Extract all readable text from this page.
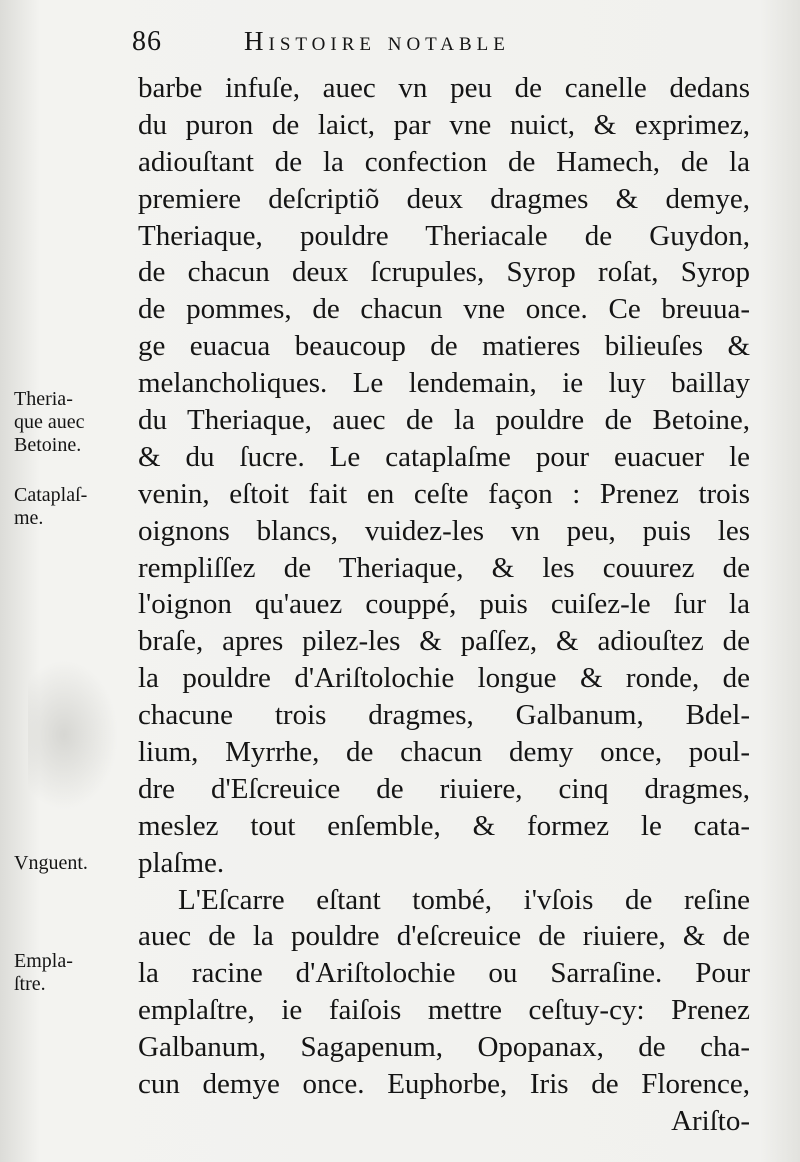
86	Histoire notable
barbe infuſe, auec vn peu de canelle dedans
du puron de laict, par vne nuict, & exprimez,
adiouſtant de la confection de Hamech, de la
premiere deſcriptiõ deux dragmes & demye,
Theriaque, pouldre Theriacale de Guydon,
de chacun deux ſcrupules, Syrop roſat, Syrop
de pommes, de chacun vne once. Ce breuua-
ge euacua beaucoup de matieres bilieuſes &
melancholiques. Le lendemain, ie luy baillay
du Theriaque, auec de la pouldre de Betoine,
& du ſucre. Le cataplaſme pour euacuer le
venin, eſtoit fait en ceſte façon : Prenez trois
oignons blancs, vuidez-les vn peu, puis les
rempliſſez de Theriaque, & les couurez de
l'oignon qu'auez couppé, puis cuiſez-le ſur la
braſe, apres pilez-les & paſſez, & adiouſtez de
la pouldre d'Ariſtolochie longue & ronde, de
chacune trois dragmes, Galbanum, Bdel-
lium, Myrrhe, de chacun demy once, poul-
dre d'Eſcreuice de riuiere, cinq dragmes,
meslez tout enſemble, & formez le cata-
plaſme.
L'Eſcarre eſtant tombé, i'vſois de reſine
auec de la pouldre d'eſcreuice de riuiere, & de
la racine d'Ariſtolochie ou Sarraſine. Pour
emplaſtre, ie faiſois mettre ceſtuy-cy: Prenez
Galbanum, Sagapenum, Opopanax, de cha-
cun demye once. Euphorbe, Iris de Florence,
Ariſto-
Theria-
que auec
Betoine.
Cataplaſ-
me.
Vnguent.
Empla-
ſtre.
